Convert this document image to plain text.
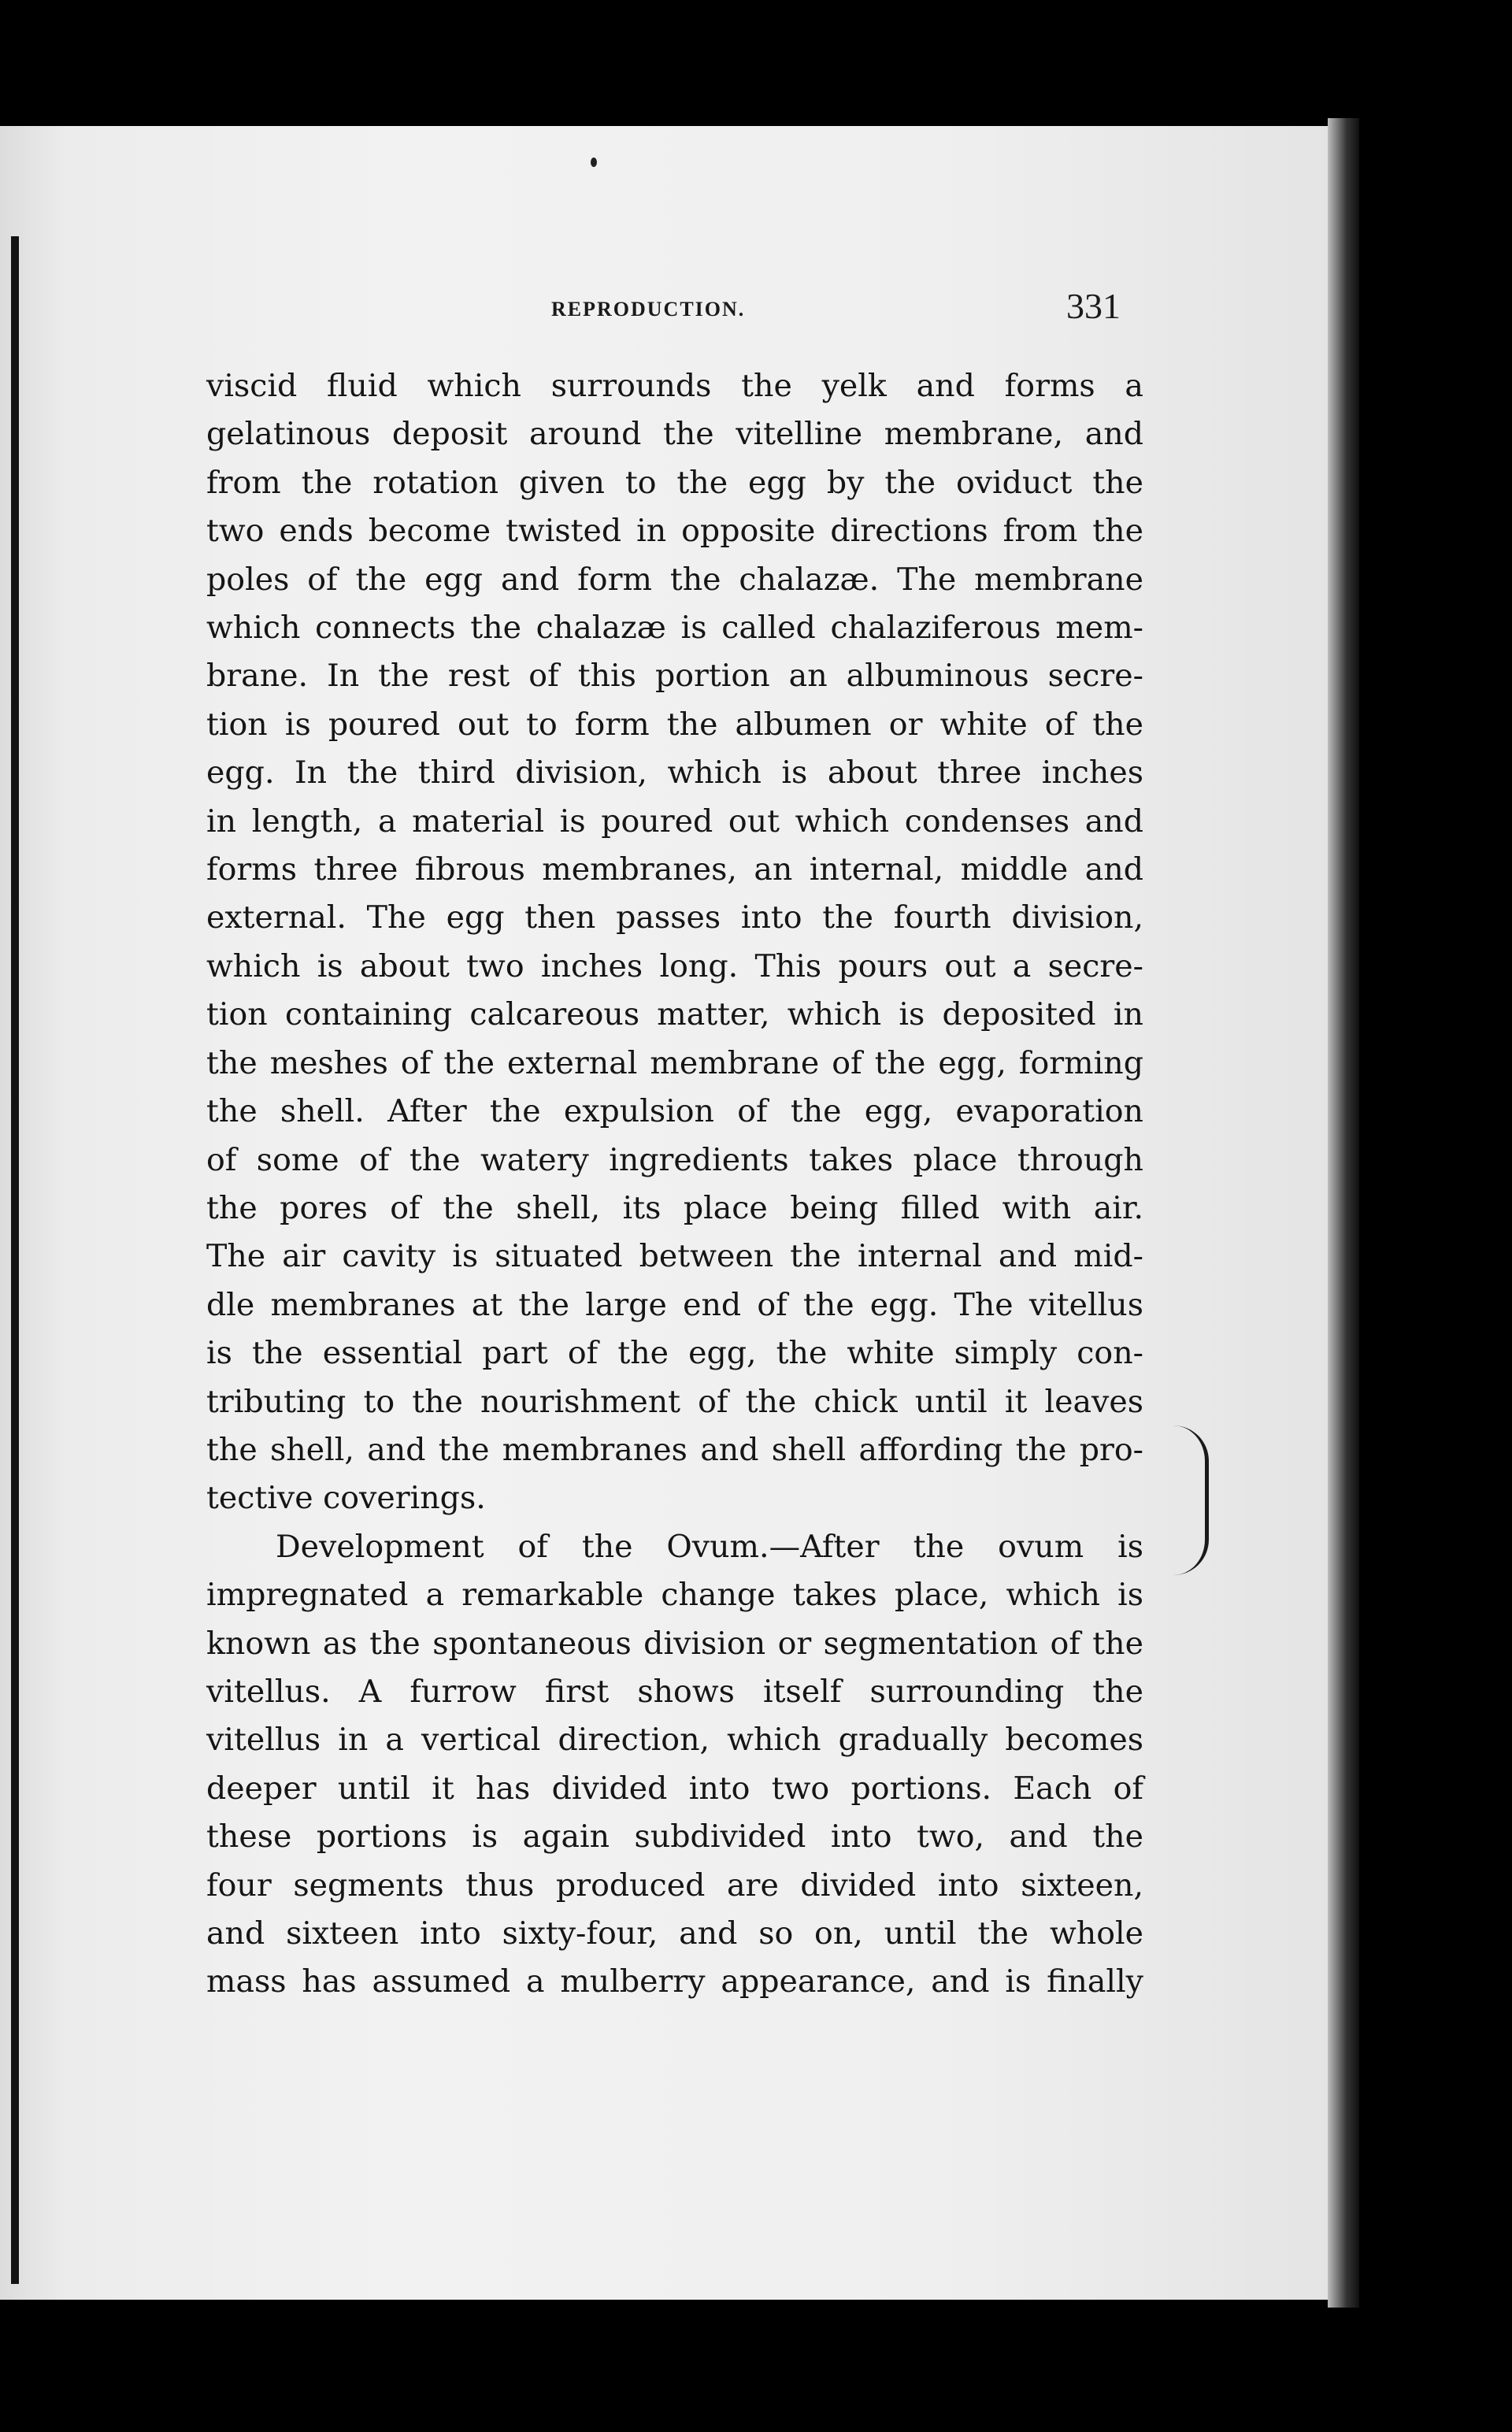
REPRODUCTION.	331
viscid fluid which surrounds the yelk and forms a
gelatinous deposit around the vitelline membrane, and
from the rotation given to the egg by the oviduct the
two ends become twisted in opposite directions from the
poles of the egg and form the chalazæ. The membrane
which connects the chalazæ is called chalaziferous mem-
brane. In the rest of this portion an albuminous secre-
tion is poured out to form the albumen or white of the
egg. In the third division, which is about three inches
in length, a material is poured out which condenses and
forms three fibrous membranes, an internal, middle and
external. The egg then passes into the fourth division,
which is about two inches long. This pours out a secre-
tion containing calcareous matter, which is deposited in
the meshes of the external membrane of the egg, forming
the shell. After the expulsion of the egg, evaporation
of some of the watery ingredients takes place through
the pores of the shell, its place being filled with air.
The air cavity is situated between the internal and mid-
dle membranes at the large end of the egg. The vitellus
is the essential part of the egg, the white simply con-
tributing to the nourishment of the chick until it leaves
the shell, and the membranes and shell affording the pro-
tective coverings.
Development of the Ovum.—After the ovum is
impregnated a remarkable change takes place, which is
known as the spontaneous division or segmentation of the
vitellus. A furrow first shows itself surrounding the
vitellus in a vertical direction, which gradually becomes
deeper until it has divided into two portions. Each of
these portions is again subdivided into two, and the
four segments thus produced are divided into sixteen,
and sixteen into sixty-four, and so on, until the whole
mass has assumed a mulberry appearance, and is finally
